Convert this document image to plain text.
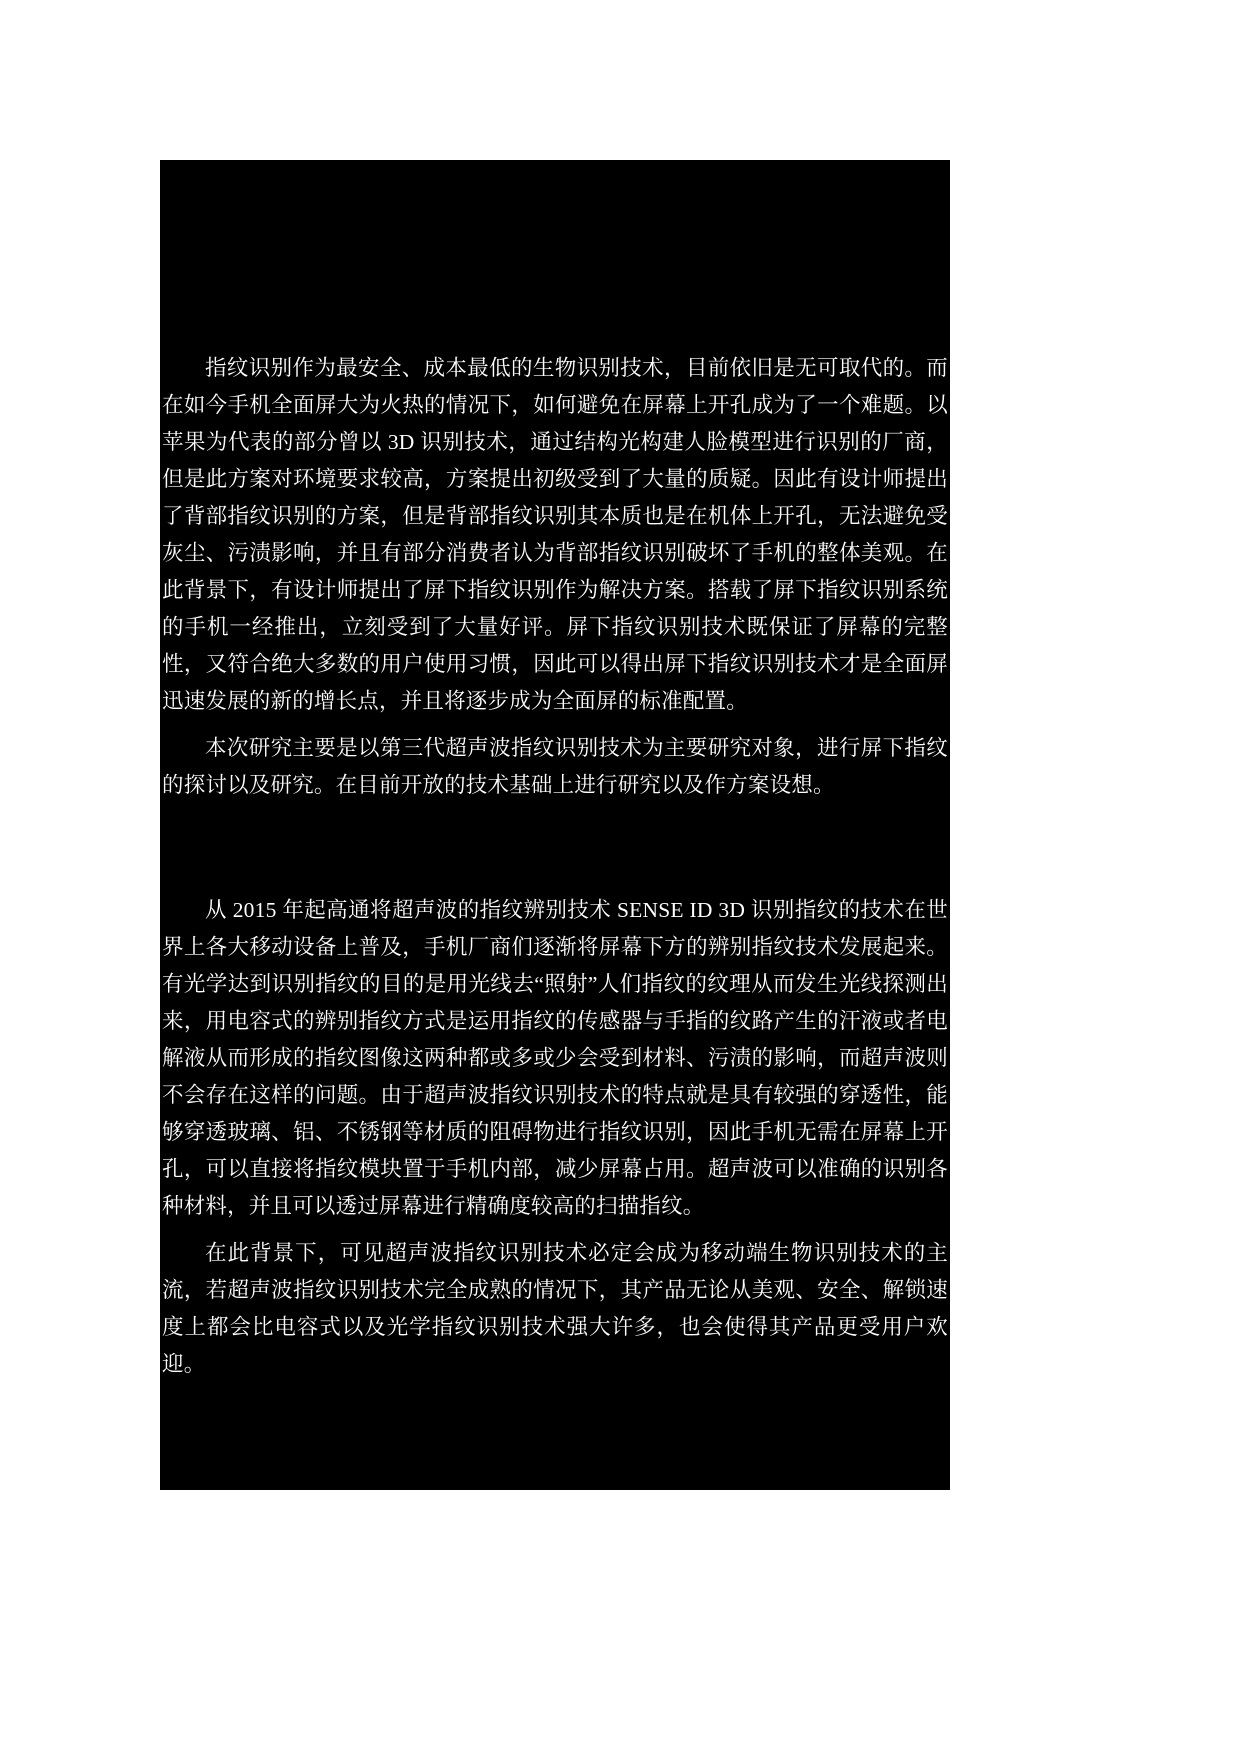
指纹识别作为最安全、成本最低的生物识别技术，目前依旧是无可取代的。而在如今手机全面屏大为火热的情况下，如何避免在屏幕上开孔成为了一个难题。以苹果为代表的部分曾以 3D 识别技术，通过结构光构建人脸模型进行识别的厂商，但是此方案对环境要求较高，方案提出初级受到了大量的质疑。因此有设计师提出了背部指纹识别的方案，但是背部指纹识别其本质也是在机体上开孔，无法避免受灰尘、污渍影响，并且有部分消费者认为背部指纹识别破坏了手机的整体美观。在此背景下，有设计师提出了屏下指纹识别作为解决方案。搭载了屏下指纹识别系统的手机一经推出，立刻受到了大量好评。屏下指纹识别技术既保证了屏幕的完整性，又符合绝大多数的用户使用习惯，因此可以得出屏下指纹识别技术才是全面屏迅速发展的新的增长点，并且将逐步成为全面屏的标准配置。

本次研究主要是以第三代超声波指纹识别技术为主要研究对象，进行屏下指纹的探讨以及研究。在目前开放的技术基础上进行研究以及作方案设想。

从 2015 年起高通将超声波的指纹辨别技术 SENSE ID 3D 识别指纹的技术在世界上各大移动设备上普及，手机厂商们逐渐将屏幕下方的辨别指纹技术发展起来。有光学达到识别指纹的目的是用光线去“照射”人们指纹的纹理从而发生光线探测出来，用电容式的辨别指纹方式是运用指纹的传感器与手指的纹路产生的汗液或者电解液从而形成的指纹图像这两种都或多或少会受到材料、污渍的影响，而超声波则不会存在这样的问题。由于超声波指纹识别技术的特点就是具有较强的穿透性，能够穿透玻璃、铝、不锈钢等材质的阻碍物进行指纹识别，因此手机无需在屏幕上开孔，可以直接将指纹模块置于手机内部，减少屏幕占用。超声波可以准确的识别各种材料，并且可以透过屏幕进行精确度较高的扫描指纹。

在此背景下，可见超声波指纹识别技术必定会成为移动端生物识别技术的主流，若超声波指纹识别技术完全成熟的情况下，其产品无论从美观、安全、解锁速度上都会比电容式以及光学指纹识别技术强大许多，也会使得其产品更受用户欢迎。
